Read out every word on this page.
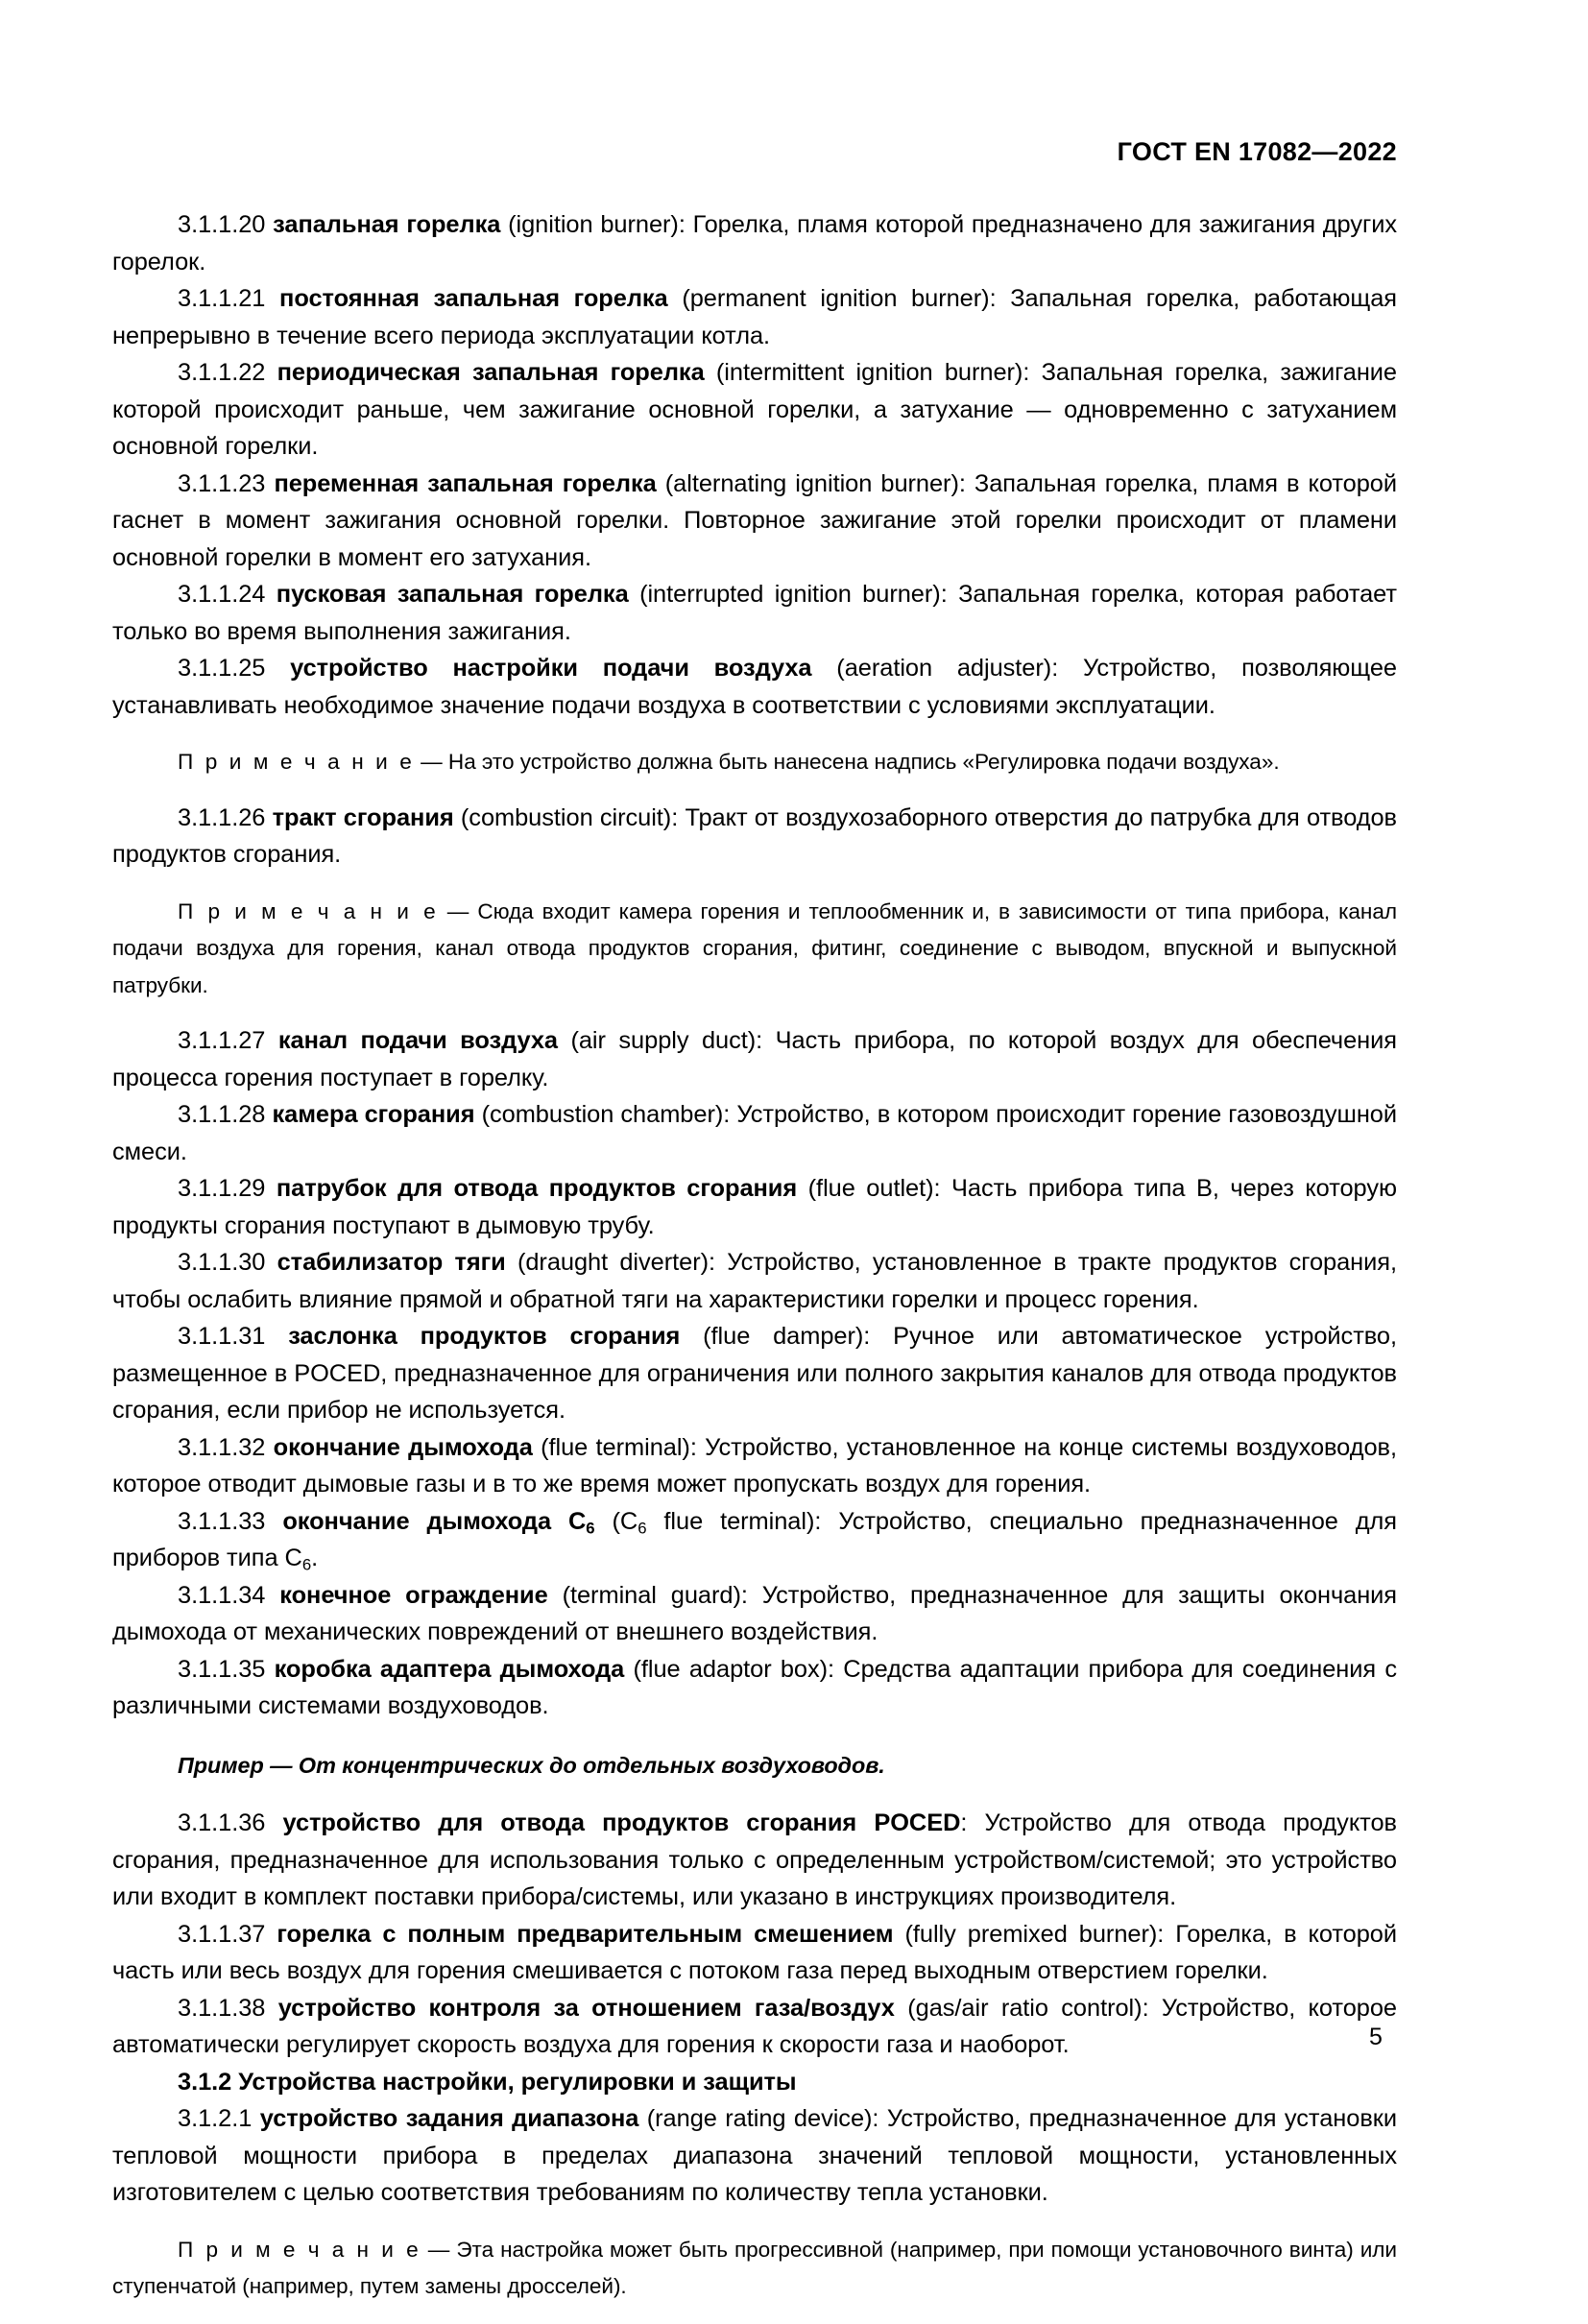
ГОСТ EN 17082—2022

3.1.1.20 запальная горелка (ignition burner): Горелка, пламя которой предназначено для зажигания других горелок.

3.1.1.21 постоянная запальная горелка (permanent ignition burner): Запальная горелка, работающая непрерывно в течение всего периода эксплуатации котла.

3.1.1.22 периодическая запальная горелка (intermittent ignition burner): Запальная горелка, зажигание которой происходит раньше, чем зажигание основной горелки, а затухание — одновременно с затуханием основной горелки.

3.1.1.23 переменная запальная горелка (alternating ignition burner): Запальная горелка, пламя в которой гаснет в момент зажигания основной горелки. Повторное зажигание этой горелки происходит от пламени основной горелки в момент его затухания.

3.1.1.24 пусковая запальная горелка (interrupted ignition burner): Запальная горелка, которая работает только во время выполнения зажигания.

3.1.1.25 устройство настройки подачи воздуха (aeration adjuster): Устройство, позволяющее устанавливать необходимое значение подачи воздуха в соответствии с условиями эксплуатации.

П р и м е ч а н и е — На это устройство должна быть нанесена надпись «Регулировка подачи воздуха».

3.1.1.26 тракт сгорания (combustion circuit): Тракт от воздухозаборного отверстия до патрубка для отводов продуктов сгорания.

П р и м е ч а н и е — Сюда входит камера горения и теплообменник и, в зависимости от типа прибора, канал подачи воздуха для горения, канал отвода продуктов сгорания, фитинг, соединение с выводом, впускной и выпускной патрубки.

3.1.1.27 канал подачи воздуха (air supply duct): Часть прибора, по которой воздух для обеспечения процесса горения поступает в горелку.

3.1.1.28 камера сгорания (combustion chamber): Устройство, в котором происходит горение газовоздушной смеси.

3.1.1.29 патрубок для отвода продуктов сгорания (flue outlet): Часть прибора типа B, через которую продукты сгорания поступают в дымовую трубу.

3.1.1.30 стабилизатор тяги (draught diverter): Устройство, установленное в тракте продуктов сгорания, чтобы ослабить влияние прямой и обратной тяги на характеристики горелки и процесс горения.

3.1.1.31 заслонка продуктов сгорания (flue damper): Ручное или автоматическое устройство, размещенное в POCED, предназначенное для ограничения или полного закрытия каналов для отвода продуктов сгорания, если прибор не используется.

3.1.1.32 окончание дымохода (flue terminal): Устройство, установленное на конце системы воздуховодов, которое отводит дымовые газы и в то же время может пропускать воздух для горения.

3.1.1.33 окончание дымохода $C_6$ ($C_6$ flue terminal): Устройство, специально предназначенное для приборов типа $C_6$.

3.1.1.34 конечное ограждение (terminal guard): Устройство, предназначенное для защиты окончания дымохода от механических повреждений от внешнего воздействия.

3.1.1.35 коробка адаптера дымохода (flue adaptor box): Средства адаптации прибора для соединения с различными системами воздуховодов.

Пример — От концентрических до отдельных воздуховодов.

3.1.1.36 устройство для отвода продуктов сгорания POCED: Устройство для отвода продуктов сгорания, предназначенное для использования только с определенным устройством/системой; это устройство или входит в комплект поставки прибора/системы, или указано в инструкциях производителя.

3.1.1.37 горелка с полным предварительным смешением (fully premixed burner): Горелка, в которой часть или весь воздух для горения смешивается с потоком газа перед выходным отверстием горелки.

3.1.1.38 устройство контроля за отношением газа/воздух (gas/air ratio control): Устройство, которое автоматически регулирует скорость воздуха для горения к скорости газа и наоборот.

3.1.2 Устройства настройки, регулировки и защиты

3.1.2.1 устройство задания диапазона (range rating device): Устройство, предназначенное для установки тепловой мощности прибора в пределах диапазона значений тепловой мощности, установленных изготовителем с целью соответствия требованиям по количеству тепла установки.

П р и м е ч а н и е — Эта настройка может быть прогрессивной (например, при помощи установочного винта) или ступенчатой (например, путем замены дросселей).

5
